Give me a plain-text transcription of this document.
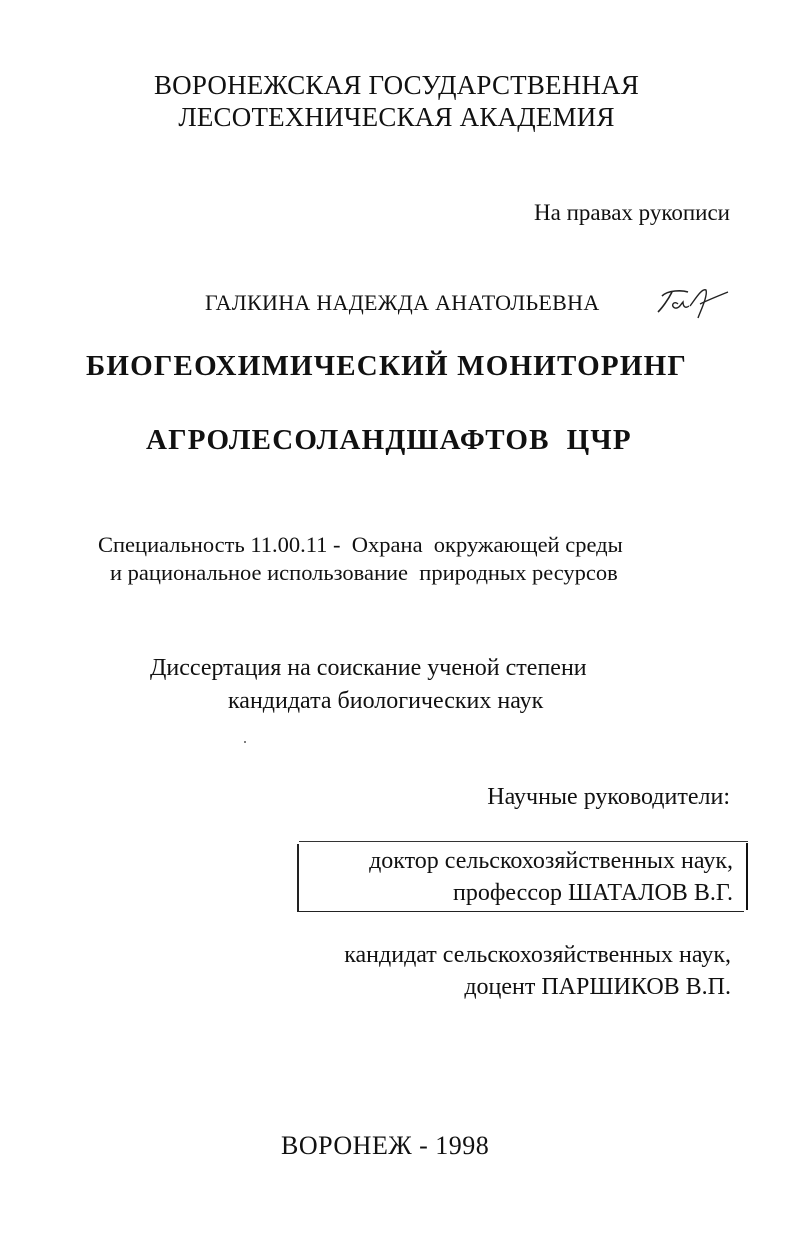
ВОРОНЕЖСКАЯ ГОСУДАРСТВЕННАЯ
ЛЕСОТЕХНИЧЕСКАЯ АКАДЕМИЯ
На правах рукописи
ГАЛКИНА НАДЕЖДА АНАТОЛЬЕВНА
БИОГЕОХИМИЧЕСКИЙ МОНИТОРИНГ
АГРОЛЕСОЛАНДШАФТОВ  ЦЧР
Специальность 11.00.11 -  Охрана  окружающей среды
и рациональное использование  природных ресурсов
Диссертация на соискание ученой степени
кандидата биологических наук
Научные руководители:
доктор сельскохозяйственных наук,
профессор ШАТАЛОВ В.Г.
кандидат сельскохозяйственных наук,
доцент ПАРШИКОВ В.П.
ВОРОНЕЖ - 1998
